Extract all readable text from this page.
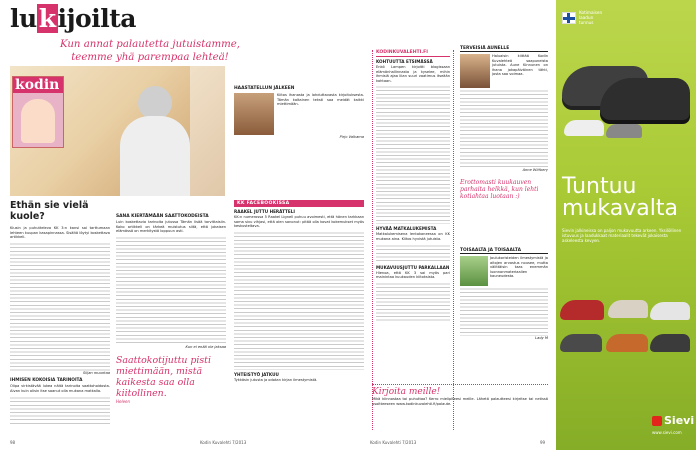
lukijoilta
Kun annat palautetta jutuistamme,
teemme yhä parempaa lehteä!
kodin
Ethän sie vielä kuole?

Kiusin ja puhutteleva KK 3:n kansi sai tarttumaan lehteen kuupan kasapinnassa. Sisältä löytyi koskettava artikkeli.

Siljan muuntaa

IHMISEN KOKOISIA TARINOITA

Olipa virkistävää lukea näitä tarinoita saattohoidosta. Aivan kuin olisin itse saanut olla mukana matkalla.

SANA KIERTÄMÄÄN SAATTOKODEISTA

Luin koskettavia tarinoita jutussa Tämän lisää tarvittaisiin. Koko artikkeli on tärkeä muistutus siitä, että jokaisen elämässä on merkitystä loppuun asti.

Kun ei enää ole jaksaa
Saattokotijuttu pisti miettimään, mistä kaikesta saa olla kiitollinen.
Heleen
98	Kodin Kuvalehti 7/2013
HAASTATELLUN JÄLKEEN

Kiitos ihanasta ja lohduttavasta kirjoituksesta. Tämän kaltainen teksti saa meidät kaikki miettimään.

Pirjo Valkama
KK FACEBOOKISSA
RAAKEL JUTTU HERÄTTELI

KK:n numerossa 5 Raakel Lignell puhuu avoimesti, että hänen tarkkaan sama sivu vihjasi, että olen sanonut: pitää olla kovat kokemukset myös keskusteltava.

YHTEISTYÖ JATKUU

Tykkäsin jutusta ja odotan kirjan ilmestymistä.

KODINKUVALEHTI.FI
KOHTUUTTA ETSIMÄSSÄ

Enkö Lampen kirjoitti blogissaan elämänhallinnasta ja kyselee, mihin ihmisiä ajaa liian suuri vaatimus itseään kohtaan.

HYVÄÄ MATKALUKEMISTA

Matkalukemisena lentokoneessa on KK mukana aina. Kiitos hyvistä jutuista.

MUKAVUUSJUTTU PARKALLAAN

Hienoa, että KK 3 sai myös pari mainintaa kuukauden kiitoksista.

TERVEISIÄ AUNELLE

Haluaisin kiittää Kodin Kuvalehteä saapuneista jutuista. Aune Kinnunen on ihana jokapäiväinen tähti, josta saa voimaa.

Anne Wiitbery
Erottomasti kuukauven parhaita helkkä, kun lehti kotiahtaa luotaan :)
TOISAALTA JA TOISAALTA

Joulukoristeiden ilmestymistä ja aitojen arvostus nousee, mutta välittäisin taas enemmän luonnonmateriaalien kauneudesta.

Lady M
Kirjoita meille!

Mikä kiinnostaa tai puhuttaa? Kerro mielipiteesi meille. Lähetä palautteesi kirjeitse tai netissä osoitteeseen www.kodinkuvalehti.fi/palaute.

Kodin Kuvalehti 7/2013	99
Kotimaisen
laadun
tunnus
Tuntuu
mukavalta
Sievin jalkineissa on paljon mukavuutta arkeen. Yksilöllinen istuvuus ja laadukkaat materiaalit tekevät jokaisesta askeleesta kevyen.
Sievi
www.sievi.com
